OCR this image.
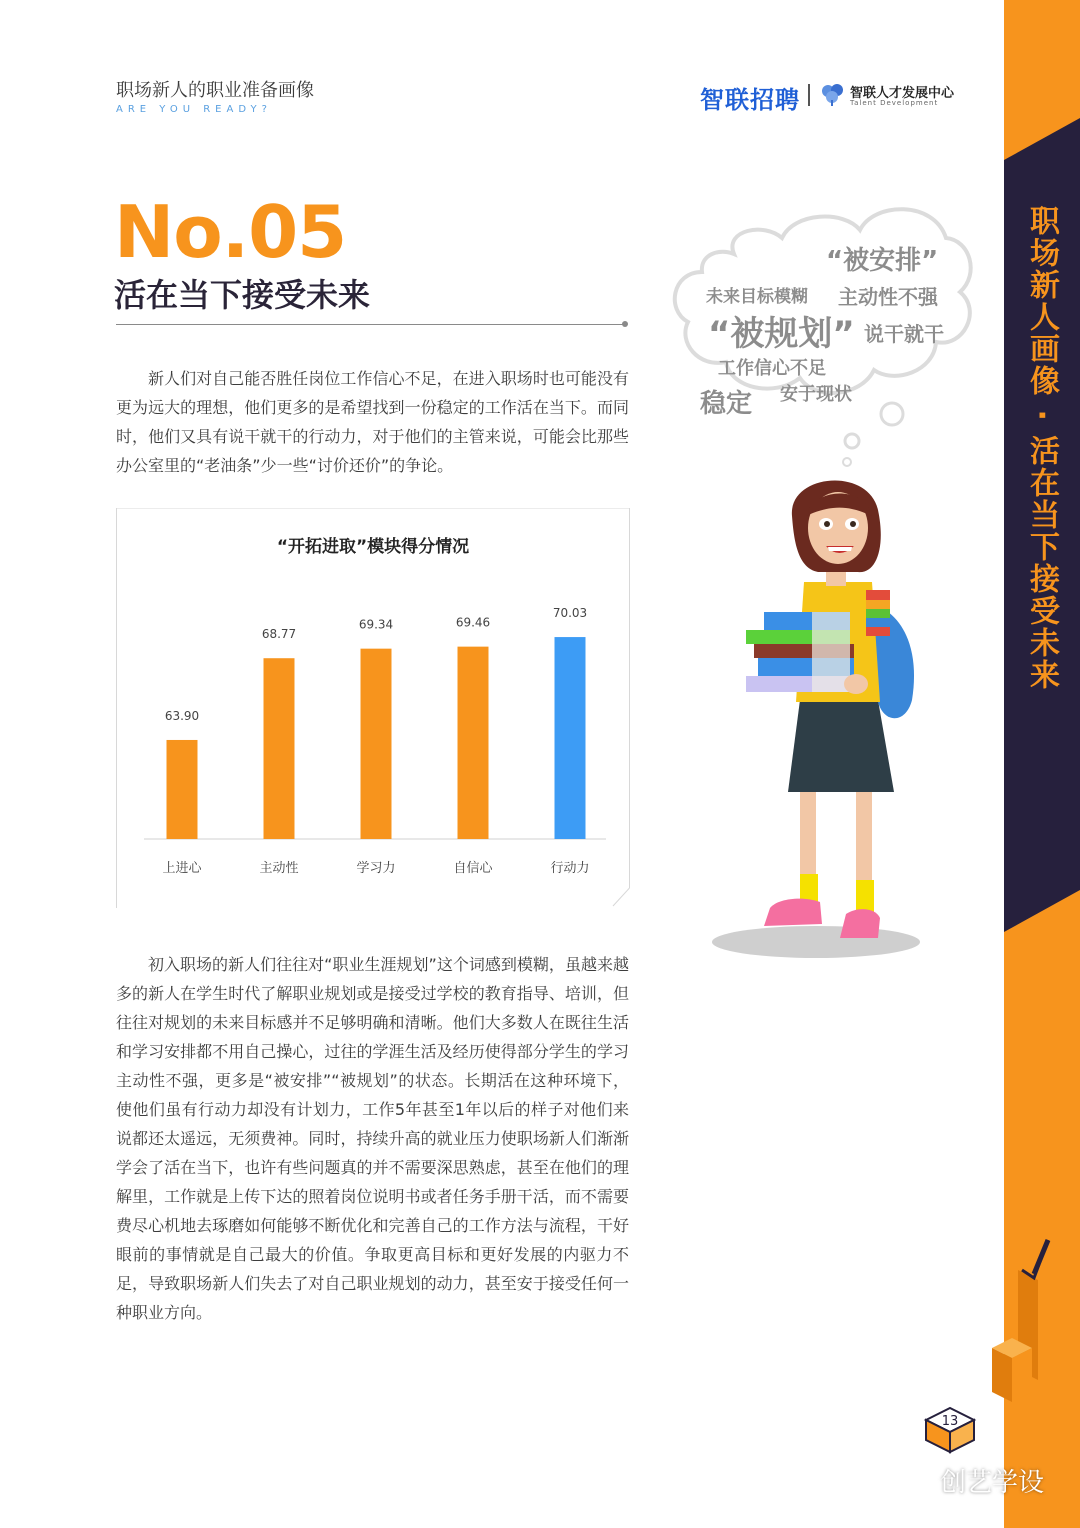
职场新人的职业准备画像
ARE YOU READY?	智联招聘	智联人才发展中心
Talent Development
职场新人画像 · 活在当下接受未来
No.05
活在当下接受未来

新人们对自己能否胜任岗位工作信心不足，在进入职场时也可能没有更为远大的理想，他们更多的是希望找到一份稳定的工作活在当下。而同时，他们又具有说干就干的行动力，对于他们的主管来说，可能会比那些办公室里的“老油条”少一些“讨价还价”的争论。

“开拓进取”模块得分情况
63.90
上进心
68.77
主动性
69.34
学习力
69.46
自信心
70.03
行动力
“被安排”
未来目标模糊 主动性不强
“被规划” 说干就干
工作信心不足
稳定 安于现状

初入职场的新人们往往对“职业生涯规划”这个词感到模糊，虽越来越多的新人在学生时代了解职业规划或是接受过学校的教育指导、培训，但往往对规划的未来目标感并不足够明确和清晰。他们大多数人在既往生活和学习安排都不用自己操心，过往的学涯生活及经历使得部分学生的学习主动性不强，更多是“被安排”“被规划”的状态。长期活在这种环境下，使他们虽有行动力却没有计划力，工作5年甚至1年以后的样子对他们来说都还太遥远，无须费神。同时，持续升高的就业压力使职场新人们渐渐学会了活在当下，也许有些问题真的并不需要深思熟虑，甚至在他们的理解里，工作就是上传下达的照着岗位说明书或者任务手册干活，而不需要费尽心机地去琢磨如何能够不断优化和完善自己的工作方法与流程，干好眼前的事情就是自己最大的价值。争取更高目标和更好发展的内驱力不足，导致职场新人们失去了对自己职业规划的动力，甚至安于接受任何一种职业方向。

13
创艺学设
